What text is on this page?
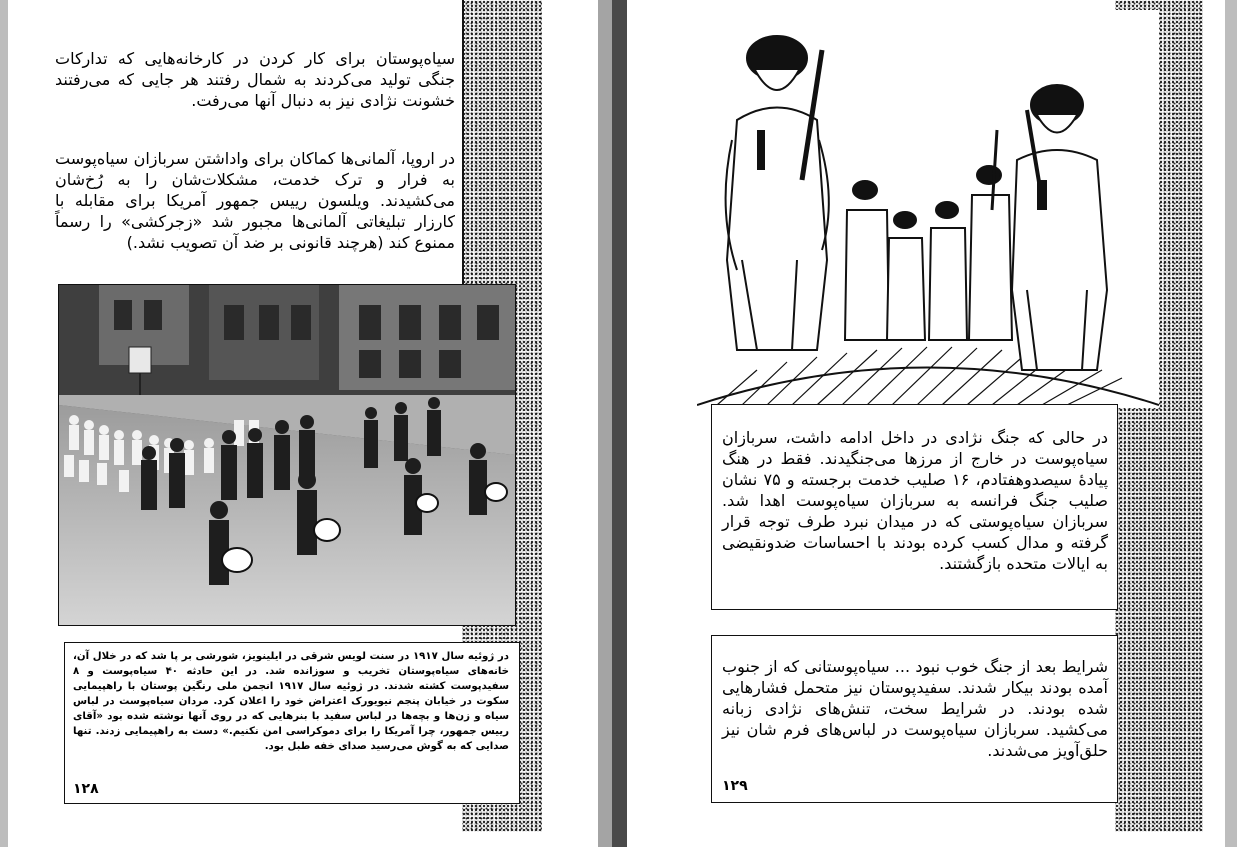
سیاه‌پوستان برای کار کردن در کارخانه‌هایی که تدارکات جنگی تولید می‌کردند به شمال رفتند هر جایی که می‌رفتند خشونت نژادی نیز به دنبال آنها می‌رفت.
در اروپا، آلمانی‌ها کماکان برای واداشتن سربازان سیاه‌پوست به فرار و ترک خدمت، مشکلات‌شان را به رُخ‌شان می‌کشیدند. ویلسون رییس جمهور آمریکا برای مقابله با کارزار تبلیغاتی آلمانی‌ها مجبور شد «زجرکشی» را رسماً ممنوع کند (هرچند قانونی بر ضد آن تصویب نشد.)
در ژوئیه سال ۱۹۱۷ در سنت لویس شرقی در ایلینویز، شورشی بر پا شد که در خلال آن، خانه‌های سیاه‌پوستان تخریب و سوزانده شد. در این حادثه ۴۰ سیاه‌پوست و ۸ سفیدپوست کشته شدند. در ژوئیه سال ۱۹۱۷ انجمن ملی رنگین پوستان با راهپیمایی سکوت در خیابان پنجم نیویورک اعتراض خود را اعلان کرد. مردان سیاه‌پوست در لباس سیاه و زن‌ها و بچه‌ها در لباس سفید با بنرهایی که در روی آنها نوشته شده بود «آقای رییس جمهور، چرا آمریکا را برای دموکراسی امن نکنیم.» دست به راهپیمایی زدند. تنها صدایی که به گوش می‌رسید صدای خفه طبل بود.
۱۲۸
در حالی که جنگ نژادی در داخل ادامه داشت، سربازان سیاه‌پوست در خارج از مرزها می‌جنگیدند. فقط در هنگ پیادهٔ سیصدوهفتادم، ۱۶ صلیب خدمت برجسته و ۷۵ نشان صلیب جنگ فرانسه به سربازان سیاه‌پوست اهدا شد. سربازان سیاه‌پوستی که در میدان نبرد طرف توجه قرار گرفته و مدال کسب کرده بودند با احساسات ضدونقیضی به ایالات متحده بازگشتند.
شرایط بعد از جنگ خوب نبود ... سیاه‌پوستانی که از جنوب آمده بودند بیکار شدند. سفیدپوستان نیز متحمل فشارهایی شده بودند. در شرایط سخت، تنش‌های نژادی زبانه می‌کشید. سربازان سیاه‌پوست در لباس‌های فرم شان نیز حلق‌آویز می‌شدند.
۱۲۹
